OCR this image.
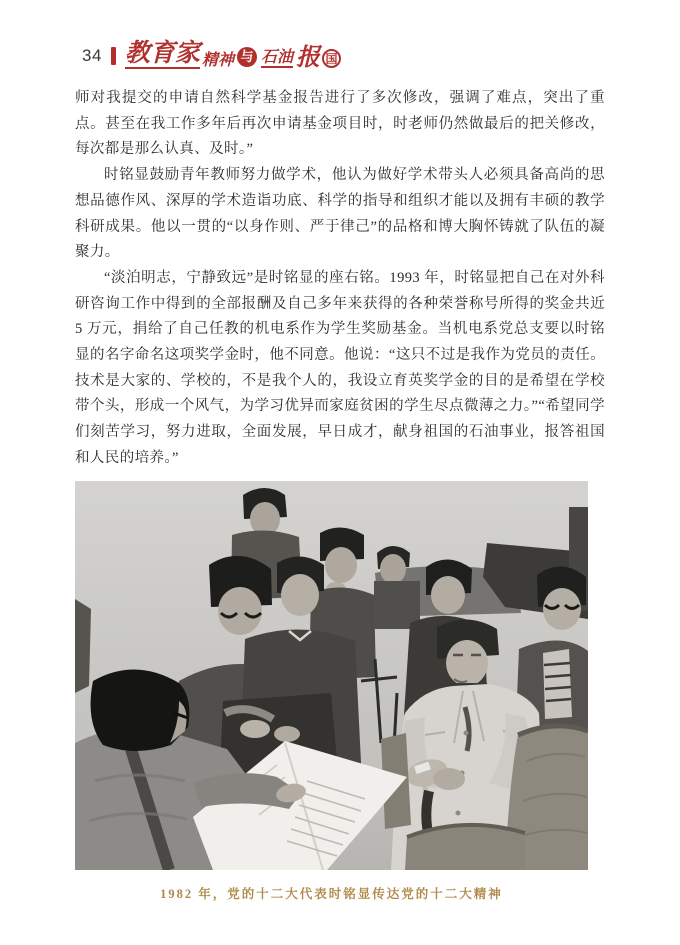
34 教育家 精神 与 石油 报 国

师对我提交的申请自然科学基金报告进行了多次修改，强调了难点，突出了重点。甚至在我工作多年后再次申请基金项目时，时老师仍然做最后的把关修改，每次都是那么认真、及时。”

时铭显鼓励青年教师努力做学术，他认为做好学术带头人必须具备高尚的思想品德作风、深厚的学术造诣功底、科学的指导和组织才能以及拥有丰硕的教学科研成果。他以一贯的“以身作则、严于律己”的品格和博大胸怀铸就了队伍的凝聚力。

“淡泊明志，宁静致远”是时铭显的座右铭。1993 年，时铭显把自己在对外科研咨询工作中得到的全部报酬及自己多年来获得的各种荣誉称号所得的奖金共近 5 万元，捐给了自己任教的机电系作为学生奖励基金。当机电系党总支要以时铭显的名字命名这项奖学金时，他不同意。他说：“这只不过是我作为党员的责任。技术是大家的、学校的，不是我个人的，我设立育英奖学金的目的是希望在学校带个头，形成一个风气，为学习优异而家庭贫困的学生尽点微薄之力。”“希望同学们刻苦学习，努力进取，全面发展，早日成才，献身祖国的石油事业，报答祖国和人民的培养。”

1982 年，党的十二大代表时铭显传达党的十二大精神
